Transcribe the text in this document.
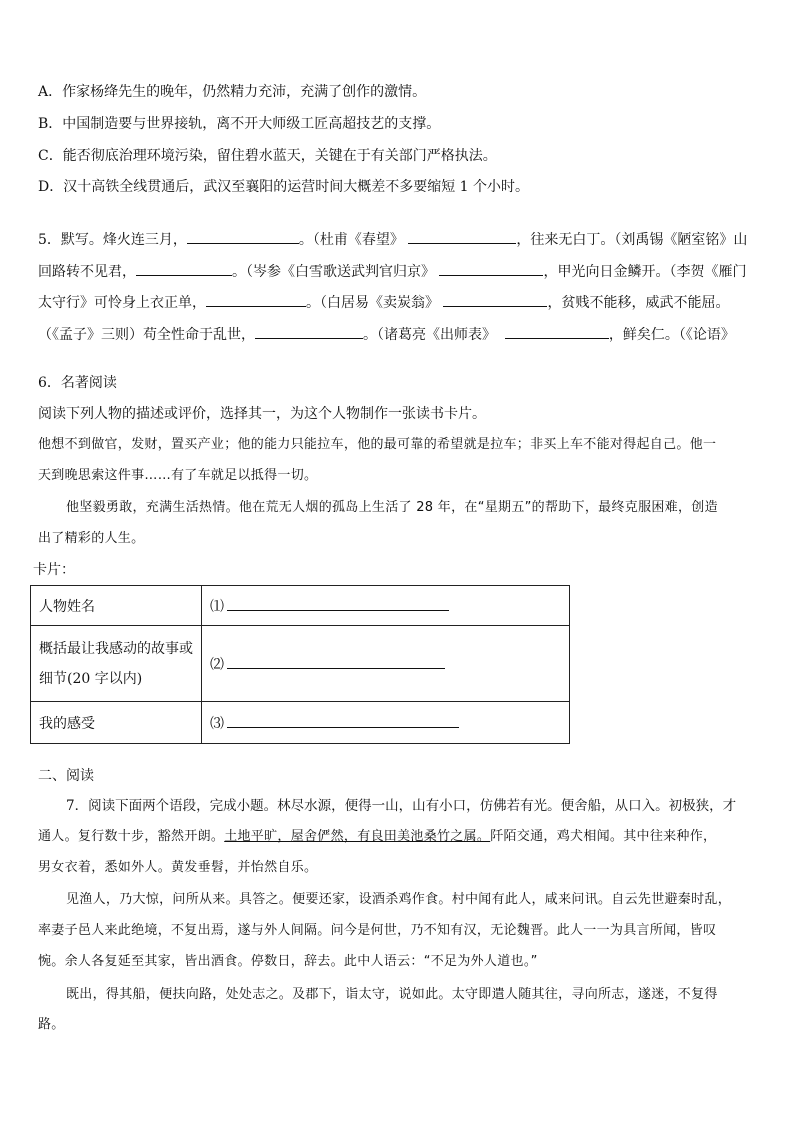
A．作家杨绛先生的晚年，仍然精力充沛，充满了创作的激情。
B．中国制造要与世界接轨，离不开大师级工匠高超技艺的支撑。
C．能否彻底治理环境污染，留住碧水蓝天，关键在于有关部门严格执法。
D．汉十高铁全线贯通后，武汉至襄阳的运营时间大概差不多要缩短 1 个小时。
5．默写。烽火连三月，	。（杜甫《春望》	，往来无白丁。（刘禹锡《陋室铭》山
回路转不见君，	。（岑参《白雪歌送武判官归京》	，甲光向日金鳞开。（李贺《雁门
太守行》可怜身上衣正单，	。（白居易《卖炭翁》	，贫贱不能移，威武不能屈。
（《孟子》三则）苟全性命于乱世，	。（诸葛亮《出师表》	，鲜矣仁。（《论语》
6．名著阅读
阅读下列人物的描述或评价，选择其一，为这个人物制作一张读书卡片。
他想不到做官，发财，置买产业；他的能力只能拉车，他的最可靠的希望就是拉车；非买上车不能对得起自己。他一
天到晚思索这件事……有了车就足以抵得一切。
他坚毅勇敢，充满生活热情。他在荒无人烟的孤岛上生活了 28 年，在“星期五”的帮助下，最终克服困难，创造
出了精彩的人生。
卡片：
人物姓名	⑴
概括最让我感动的故事或
细节(20 字以内)	⑵
我的感受	⑶
二、阅读
7．阅读下面两个语段，完成小题。林尽水源，便得一山，山有小口，仿佛若有光。便舍船，从口入。初极狭，才
通人。复行数十步，豁然开朗。土地平旷，屋舍俨然，有良田美池桑竹之属。阡陌交通，鸡犬相闻。其中往来种作，
男女衣着，悉如外人。黄发垂髫，并怡然自乐。
见渔人，乃大惊，问所从来。具答之。便要还家，设酒杀鸡作食。村中闻有此人，咸来问讯。自云先世避秦时乱，
率妻子邑人来此绝境，不复出焉，遂与外人间隔。问今是何世，乃不知有汉，无论魏晋。此人一一为具言所闻，皆叹
惋。余人各复延至其家，皆出酒食。停数日，辞去。此中人语云：“不足为外人道也。”
既出，得其船，便扶向路，处处志之。及郡下，诣太守，说如此。太守即遣人随其往，寻向所志，遂迷，不复得
路。
